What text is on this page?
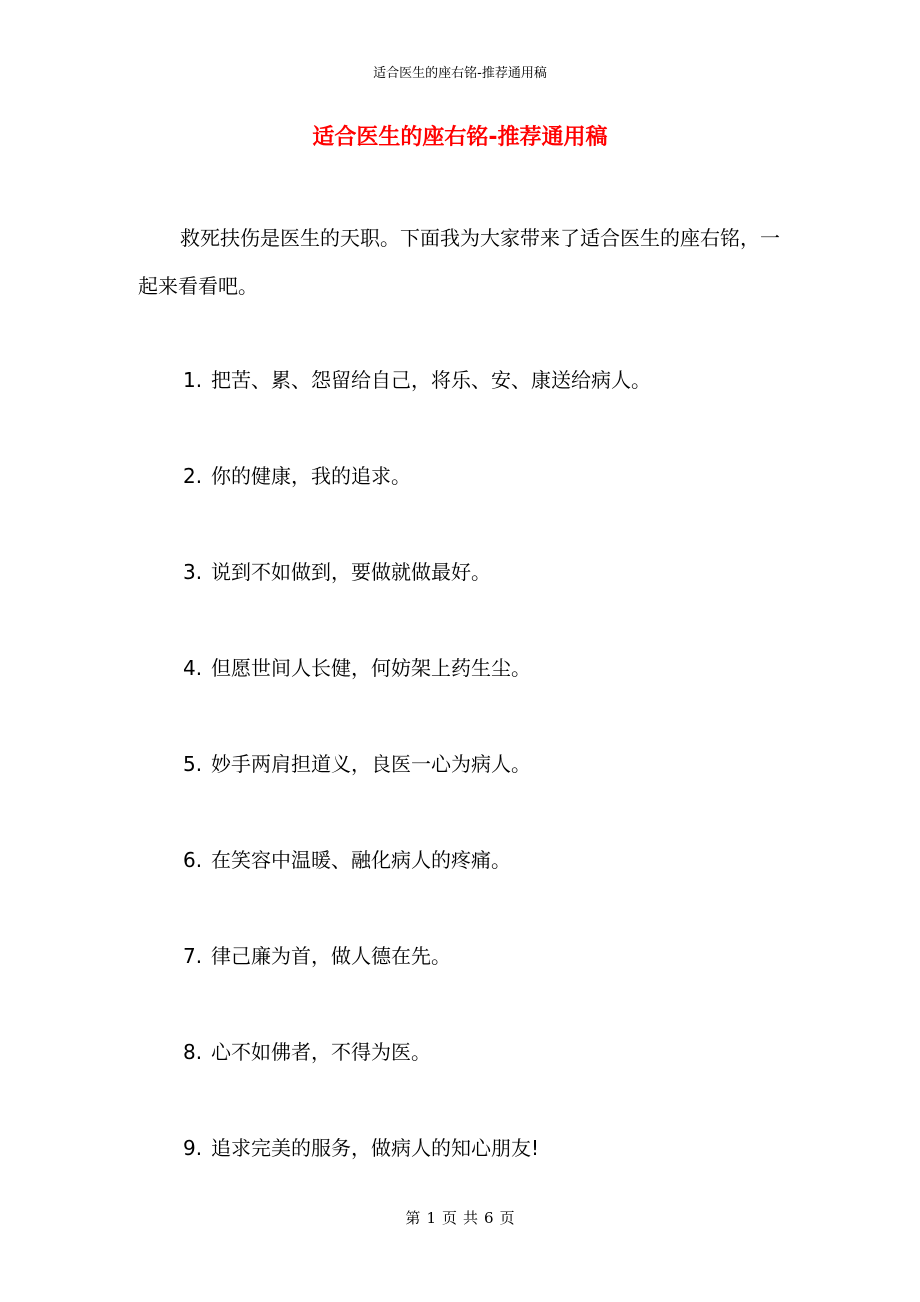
适合医生的座右铭-推荐通用稿
适合医生的座右铭-推荐通用稿

救死扶伤是医生的天职。下面我为大家带来了适合医生的座右铭，一起来看看吧。

1. 把苦、累、怨留给自己，将乐、安、康送给病人。
2. 你的健康，我的追求。
3. 说到不如做到，要做就做最好。
4. 但愿世间人长健，何妨架上药生尘。
5. 妙手两肩担道义，良医一心为病人。
6. 在笑容中温暖、融化病人的疼痛。
7. 律己廉为首，做人德在先。
8. 心不如佛者，不得为医。
9. 追求完美的服务，做病人的知心朋友!
第 1 页 共 6 页
